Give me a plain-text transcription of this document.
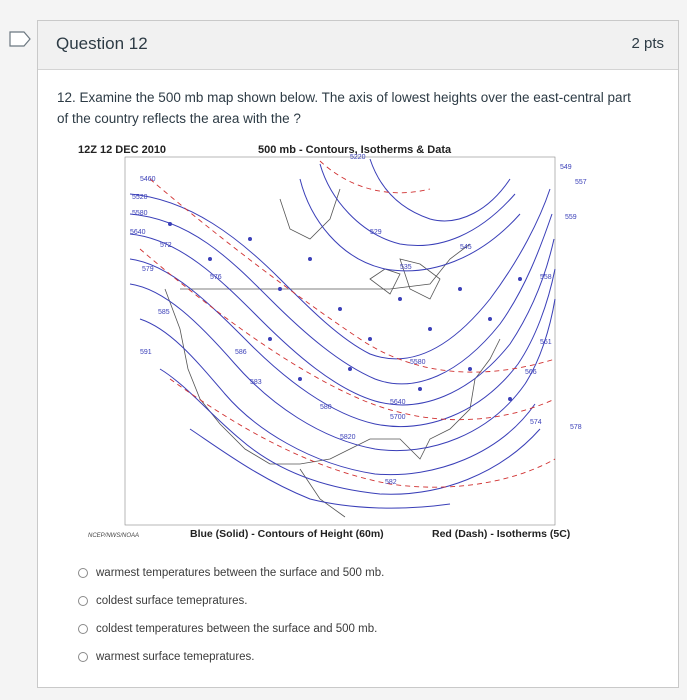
Question 12	2 pts
12. Examine the 500 mb map shown below. The axis of lowest heights over the east-central part of the country reflects the area with the ?
12Z 12 DEC 2010	500 mb - Contours, Isotherms & Data
5460
5520
5580
5640
572
579
576
585
591	586
583
580
5820
582
529
535
545
558
561
566
574
578
549
557
559
5640
5700
5220
5580
NCEP/NWS/NOAA	Blue (Solid) - Contours of Height (60m)	Red (Dash) - Isotherms (5C)
warmest temperatures between the surface and 500 mb.
coldest surface temepratures.
coldest temperatures between the surface and 500 mb.
warmest surface temepratures.
